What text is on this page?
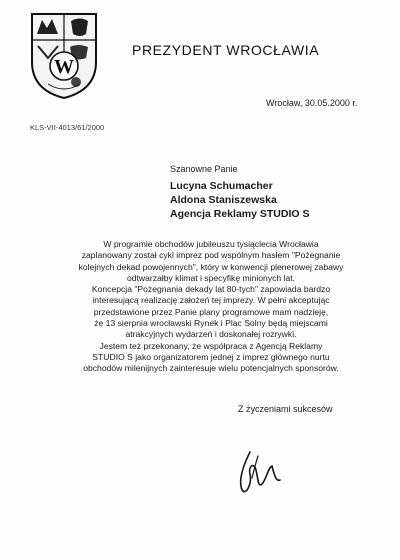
W
PREZYDENT WROCŁAWIA
Wrocław, 30.05.2000 r.
KLS-VII-4013/61/2000
Szanowne Panie
Lucyna Schumacher
Aldona Staniszewska
Agencja Reklamy STUDIO S

W programie obchodów jubileuszu tysiąclecia Wrocławia

zaplanowany został cykl imprez pod wspólnym hasłem "Pożegnanie

kolejnych dekad powojennych", który w konwencji plenerowej zabawy

odtwarzałby klimat i specyfikę minionych lat.

Koncepcja "Pożegnania dekady lat 80-tych" zapowiada bardzo

interesującą realizację założeń tej imprezy. W pełni akceptując

przedstawione przez Panie plany programowe mam nadzieję,

że 13 sierpnia wrocławski Rynek i Plac Solny będą miejscami

atrakcyjnych wydarzeń i doskonałej rozrywki.

Jestem też przekonany, że współpraca z Agencją Reklamy

STUDIO S jako organizatorem jednej z imprez głównego nurtu

obchodów milenijnych zainteresuje wielu potencjalnych sponsorów.

Z życzeniami sukcesów
